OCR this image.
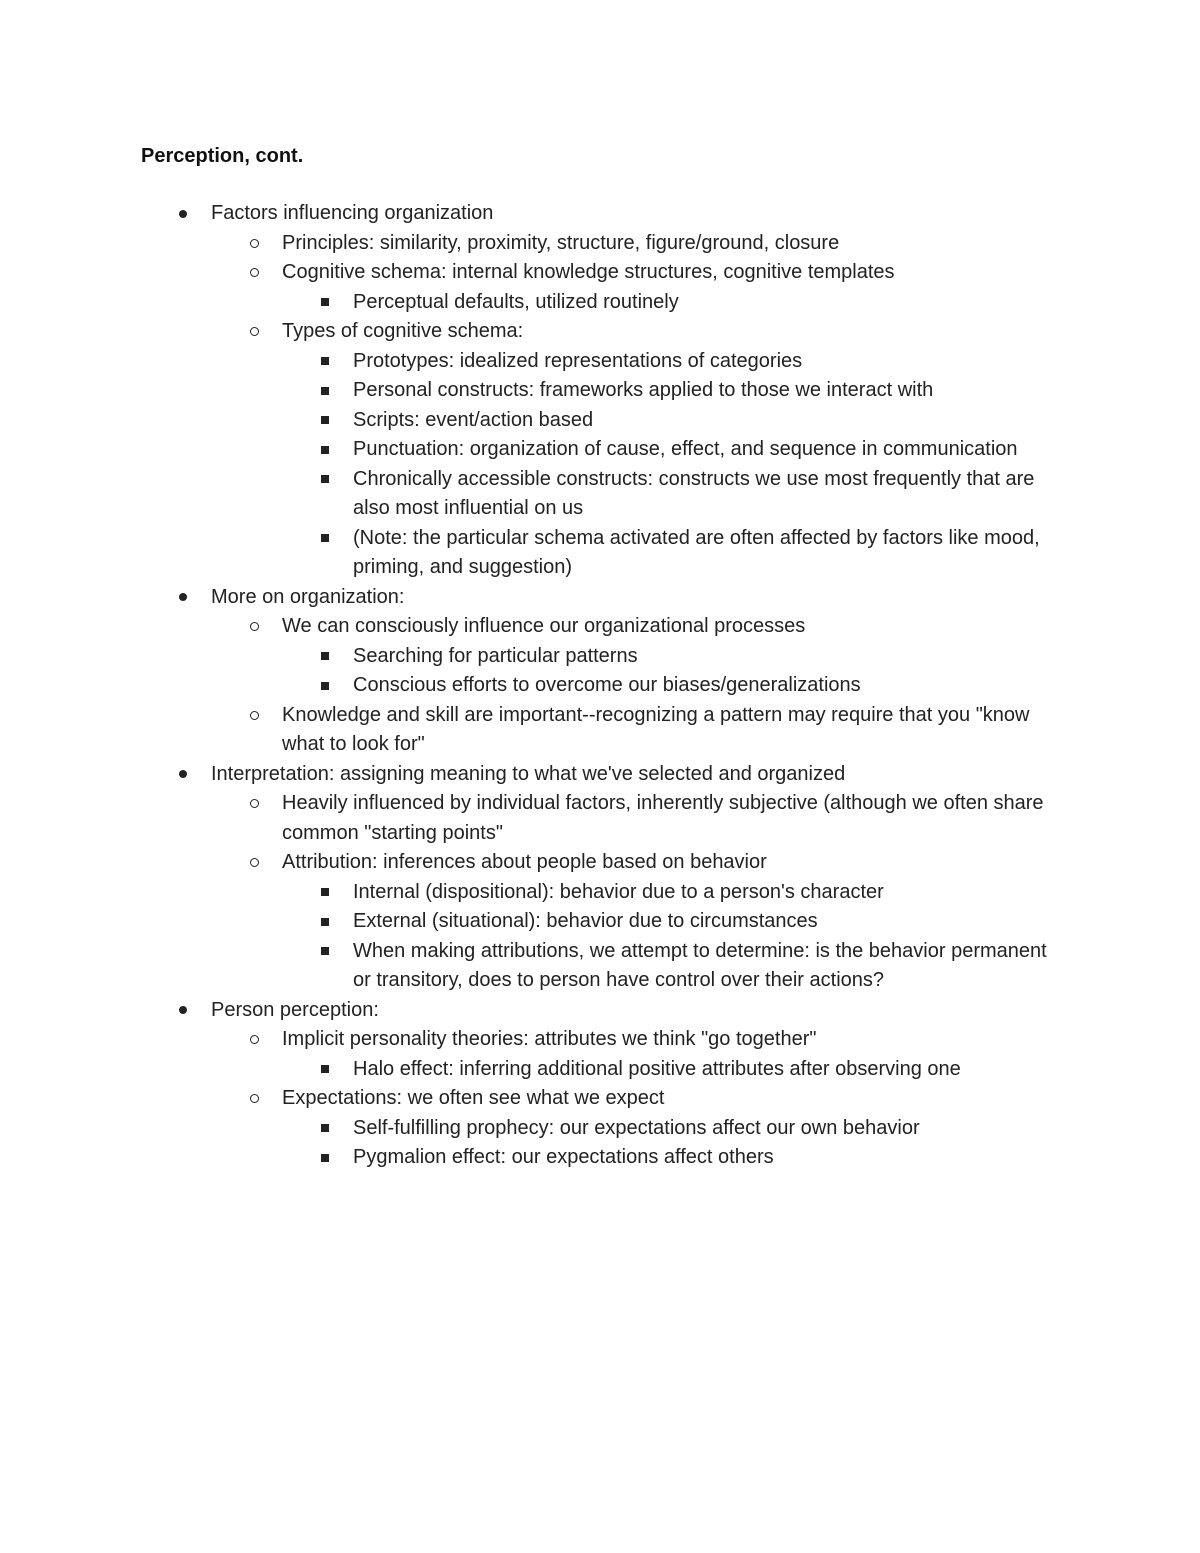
Perception, cont.
Factors influencing organization
Principles: similarity, proximity, structure, figure/ground, closure
Cognitive schema: internal knowledge structures, cognitive templates
Perceptual defaults, utilized routinely
Types of cognitive schema:
Prototypes: idealized representations of categories
Personal constructs: frameworks applied to those we interact with
Scripts: event/action based
Punctuation: organization of cause, effect, and sequence in communication
Chronically accessible constructs: constructs we use most frequently that are also most influential on us
(Note: the particular schema activated are often affected by factors like mood, priming, and suggestion)
More on organization:
We can consciously influence our organizational processes
Searching for particular patterns
Conscious efforts to overcome our biases/generalizations
Knowledge and skill are important--recognizing a pattern may require that you "know what to look for"
Interpretation: assigning meaning to what we've selected and organized
Heavily influenced by individual factors, inherently subjective (although we often share common "starting points"
Attribution: inferences about people based on behavior
Internal (dispositional): behavior due to a person's character
External (situational): behavior due to circumstances
When making attributions, we attempt to determine: is the behavior permanent or transitory, does to person have control over their actions?
Person perception:
Implicit personality theories: attributes we think "go together"
Halo effect: inferring additional positive attributes after observing one
Expectations: we often see what we expect
Self-fulfilling prophecy: our expectations affect our own behavior
Pygmalion effect: our expectations affect others
